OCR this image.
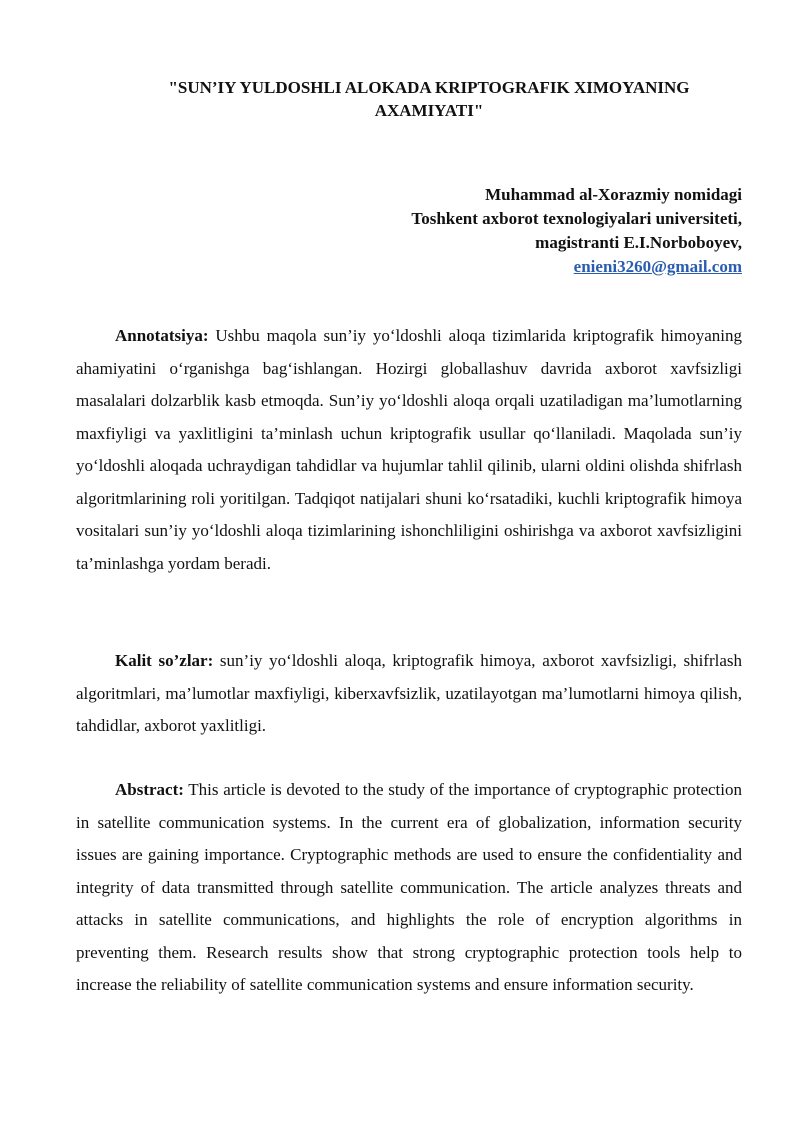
"SUN’IY YULDOSHLI ALOKADA KRIPTOGRAFIK XIMOYANING
AXAMIYATI"
Muhammad al-Xorazmiy nomidagi
Toshkent axborot texnologiyalari universiteti,
magistranti E.I.Norboboyev,
enieni3260@gmail.com

Annotatsiya: Ushbu maqola sun’iy yo‘ldoshli aloqa tizimlarida kriptografik himoyaning ahamiyatini o‘rganishga bag‘ishlangan. Hozirgi globallashuv davrida axborot xavfsizligi masalalari dolzarblik kasb etmoqda. Sun’iy yo‘ldoshli aloqa orqali uzatiladigan ma’lumotlarning maxfiyligi va yaxlitligini ta’minlash uchun kriptografik usullar qo‘llaniladi. Maqolada sun’iy yo‘ldoshli aloqada uchraydigan tahdidlar va hujumlar tahlil qilinib, ularni oldini olishda shifrlash algoritmlarining roli yoritilgan. Tadqiqot natijalari shuni ko‘rsatadiki, kuchli kriptografik himoya vositalari sun’iy yo‘ldoshli aloqa tizimlarining ishonchliligini oshirishga va axborot xavfsizligini ta’minlashga yordam beradi.

Kalit so’zlar: sun’iy yo‘ldoshli aloqa, kriptografik himoya, axborot xavfsizligi, shifrlash algoritmlari, ma’lumotlar maxfiyligi, kiberxavfsizlik, uzatilayotgan ma’lumotlarni himoya qilish, tahdidlar, axborot yaxlitligi.

Abstract: This article is devoted to the study of the importance of cryptographic protection in satellite communication systems. In the current era of globalization, information security issues are gaining importance. Cryptographic methods are used to ensure the confidentiality and integrity of data transmitted through satellite communication. The article analyzes threats and attacks in satellite communications, and highlights the role of encryption algorithms in preventing them. Research results show that strong cryptographic protection tools help to increase the reliability of satellite communication systems and ensure information security.
